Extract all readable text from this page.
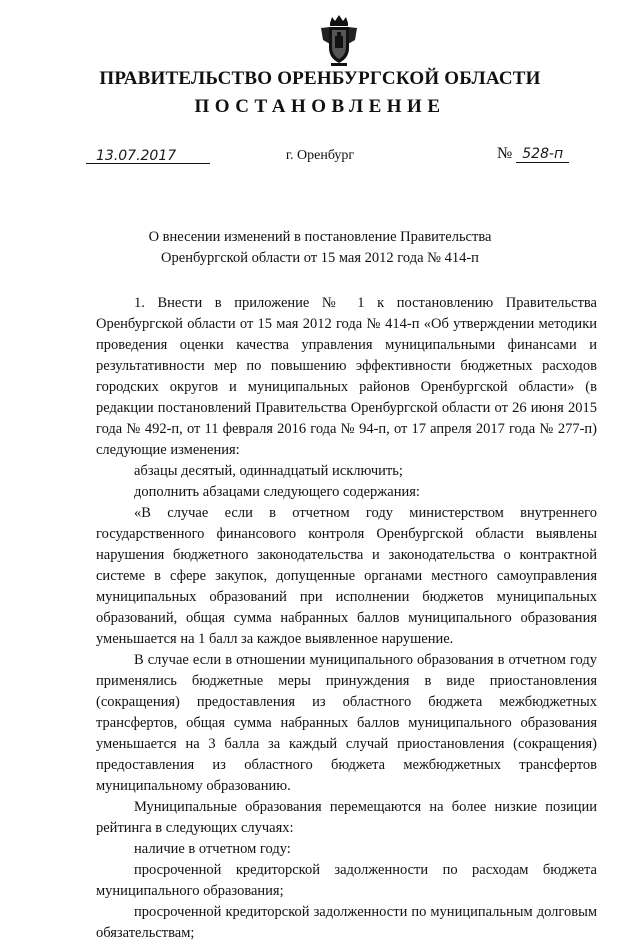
ПРАВИТЕЛЬСТВО ОРЕНБУРГСКОЙ ОБЛАСТИ
ПОСТАНОВЛЕНИЕ
13.07.2017	г. Оренбург	№ 528-п
О внесении изменений в постановление Правительства
Оренбургской области от 15 мая 2012 года № 414-п

1. Внести в приложение № 1 к постановлению Правительства Оренбургской области от 15 мая 2012 года № 414-п «Об утверждении методики проведения оценки качества управления муниципальными финансами и результативности мер по повышению эффективности бюджетных расходов городских округов и муниципальных районов Оренбургской области» (в редакции постановлений Правительства Оренбургской области от 26 июня 2015 года № 492-п, от 11 февраля 2016 года № 94-п, от 17 апреля 2017 года № 277-п) следующие изменения:

абзацы десятый, одиннадцатый исключить;

дополнить абзацами следующего содержания:

«В случае если в отчетном году министерством внутреннего государственного финансового контроля Оренбургской области выявлены нарушения бюджетного законодательства и законодательства о контрактной системе в сфере закупок, допущенные органами местного самоуправления муниципальных образований при исполнении бюджетов муниципальных образований, общая сумма набранных баллов муниципального образования уменьшается на 1 балл за каждое выявленное нарушение.

В случае если в отношении муниципального образования в отчетном году применялись бюджетные меры принуждения в виде приостановления (сокращения) предоставления из областного бюджета межбюджетных трансфертов, общая сумма набранных баллов муниципального образования уменьшается на 3 балла за каждый случай приостановления (сокращения) предоставления из областного бюджета межбюджетных трансфертов муниципальному образованию.

Муниципальные образования перемещаются на более низкие позиции рейтинга в следующих случаях:

наличие в отчетном году:

просроченной кредиторской задолженности по расходам бюджета муниципального образования;

просроченной кредиторской задолженности по муниципальным долговым обязательствам;
